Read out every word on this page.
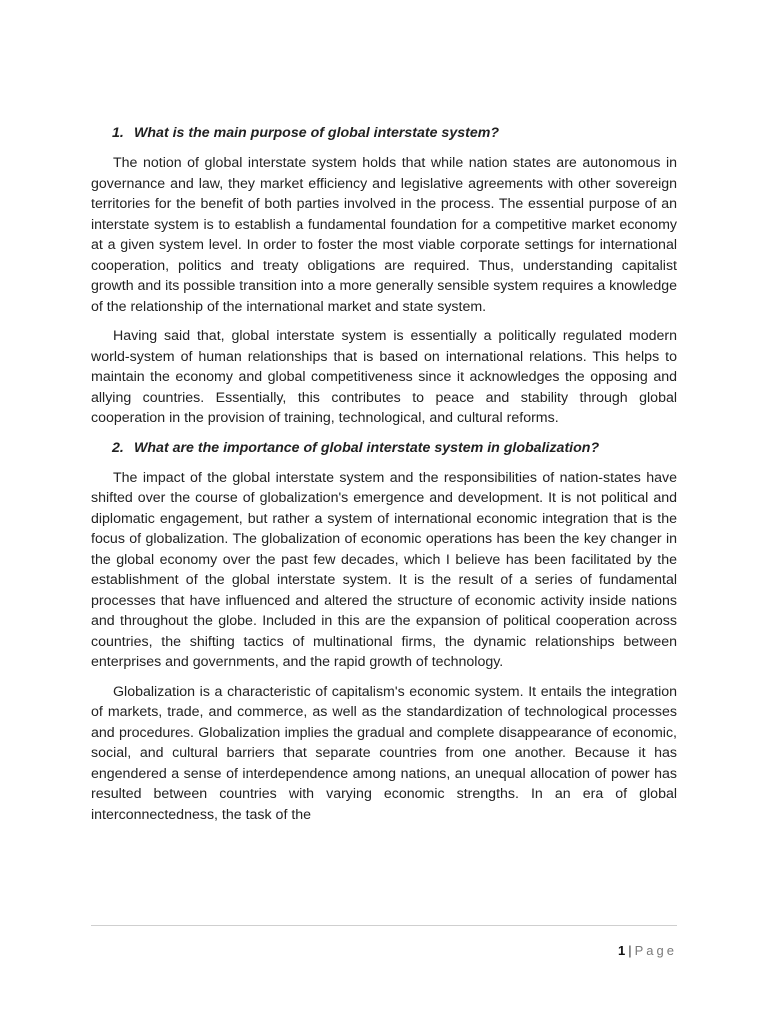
1. What is the main purpose of global interstate system?

The notion of global interstate system holds that while nation states are autonomous in governance and law, they market efficiency and legislative agreements with other sovereign territories for the benefit of both parties involved in the process. The essential purpose of an interstate system is to establish a fundamental foundation for a competitive market economy at a given system level. In order to foster the most viable corporate settings for international cooperation, politics and treaty obligations are required. Thus, understanding capitalist growth and its possible transition into a more generally sensible system requires a knowledge of the relationship of the international market and state system.

Having said that, global interstate system is essentially a politically regulated modern world-system of human relationships that is based on international relations. This helps to maintain the economy and global competitiveness since it acknowledges the opposing and allying countries. Essentially, this contributes to peace and stability through global cooperation in the provision of training, technological, and cultural reforms.

2. What are the importance of global interstate system in globalization?

The impact of the global interstate system and the responsibilities of nation-states have shifted over the course of globalization's emergence and development. It is not political and diplomatic engagement, but rather a system of international economic integration that is the focus of globalization. The globalization of economic operations has been the key changer in the global economy over the past few decades, which I believe has been facilitated by the establishment of the global interstate system. It is the result of a series of fundamental processes that have influenced and altered the structure of economic activity inside nations and throughout the globe. Included in this are the expansion of political cooperation across countries, the shifting tactics of multinational firms, the dynamic relationships between enterprises and governments, and the rapid growth of technology.

Globalization is a characteristic of capitalism's economic system. It entails the integration of markets, trade, and commerce, as well as the standardization of technological processes and procedures. Globalization implies the gradual and complete disappearance of economic, social, and cultural barriers that separate countries from one another. Because it has engendered a sense of interdependence among nations, an unequal allocation of power has resulted between countries with varying economic strengths. In an era of global interconnectedness, the task of the

1 | Page
